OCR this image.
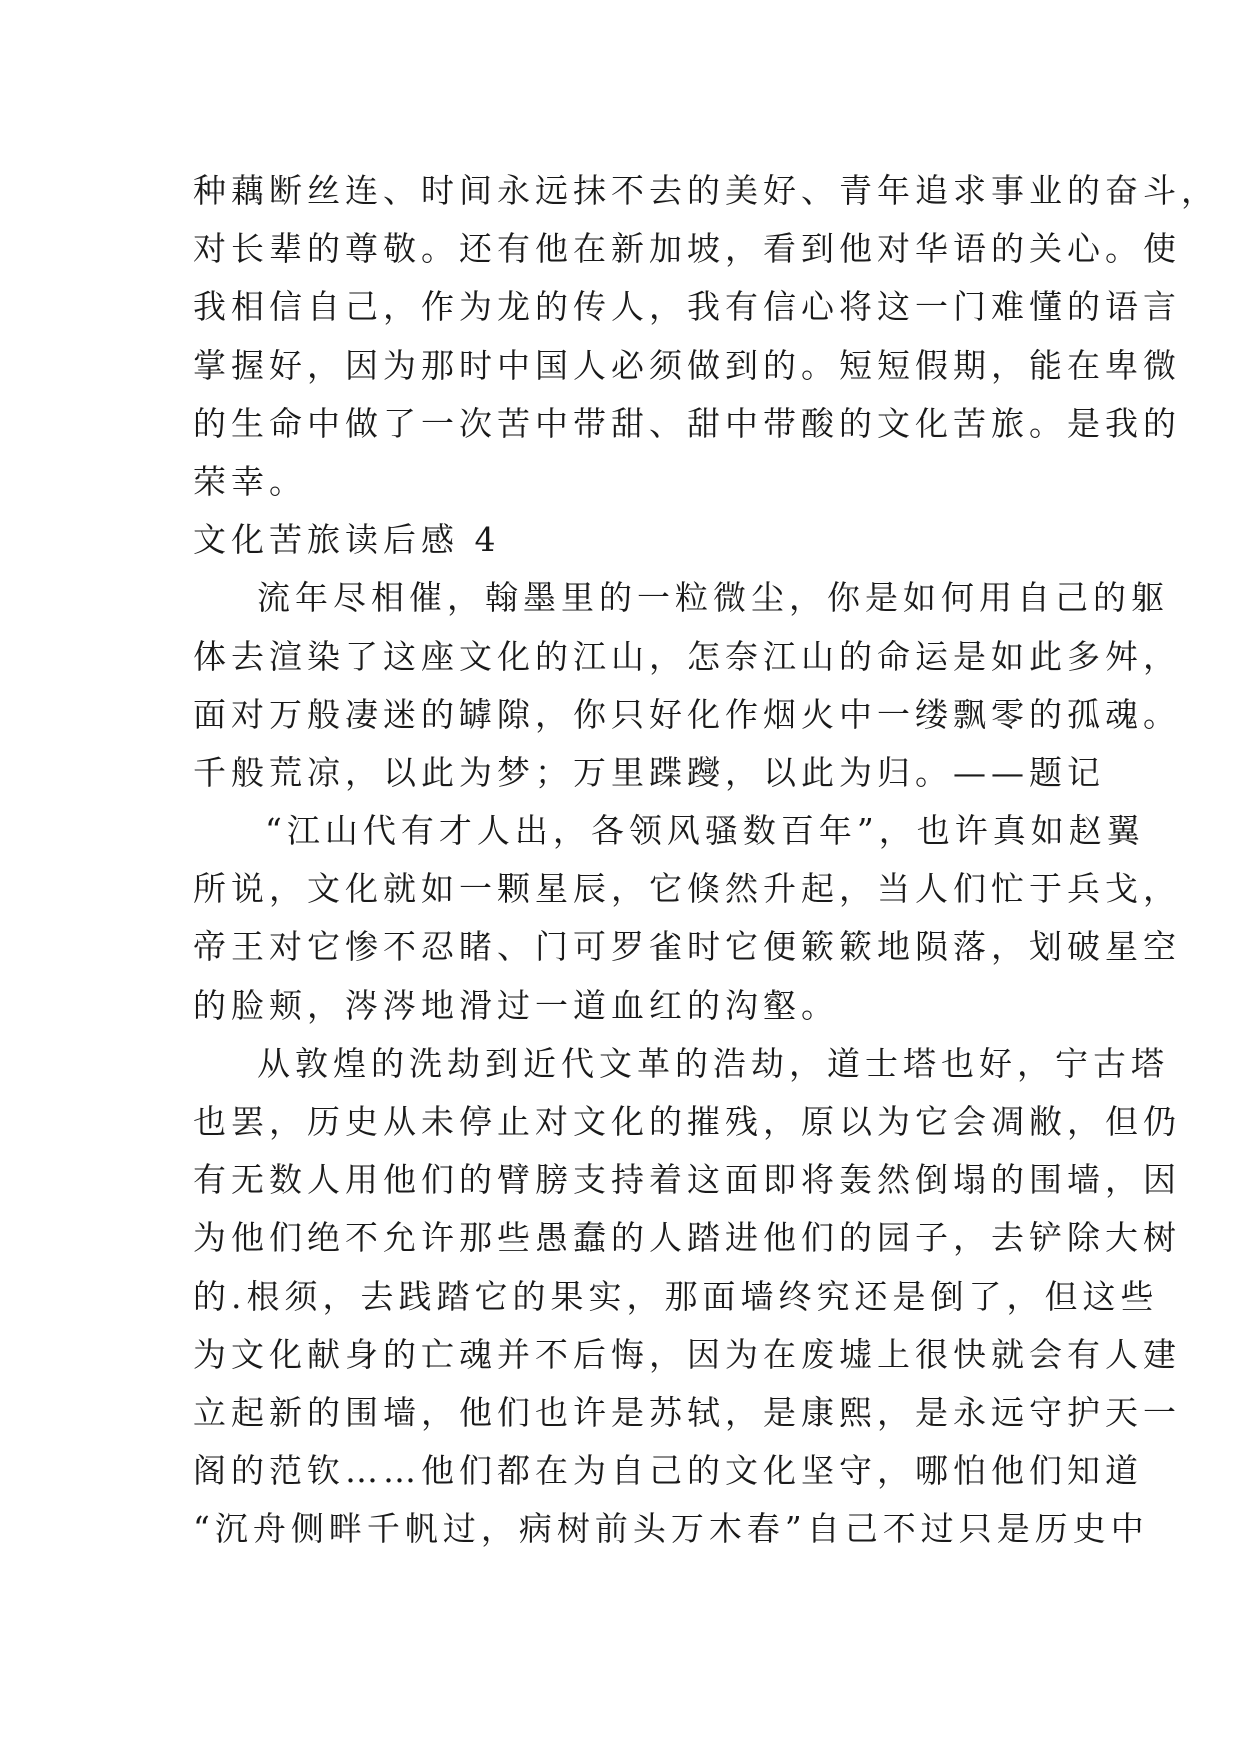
种藕断丝连、时间永远抹不去的美好、青年追求事业的奋斗，
对长辈的尊敬。还有他在新加坡，看到他对华语的关心。使
我相信自己，作为龙的传人，我有信心将这一门难懂的语言
掌握好，因为那时中国人必须做到的。短短假期，能在卑微
的生命中做了一次苦中带甜、甜中带酸的文化苦旅。是我的
荣幸。
文化苦旅读后感 4
流年尽相催，翰墨里的一粒微尘，你是如何用自己的躯
体去渲染了这座文化的江山，怎奈江山的命运是如此多舛，
面对万般凄迷的罅隙，你只好化作烟火中一缕飘零的孤魂。
千般荒凉，以此为梦；万里蹀躞，以此为归。——题记
“江山代有才人出，各领风骚数百年”，也许真如赵翼
所说，文化就如一颗星辰，它倏然升起，当人们忙于兵戈，
帝王对它惨不忍睹、门可罗雀时它便簌簌地陨落，划破星空
的脸颊，涔涔地滑过一道血红的沟壑。
从敦煌的洗劫到近代文革的浩劫，道士塔也好，宁古塔
也罢，历史从未停止对文化的摧残，原以为它会凋敝，但仍
有无数人用他们的臂膀支持着这面即将轰然倒塌的围墙，因
为他们绝不允许那些愚蠢的人踏进他们的园子，去铲除大树
的.根须，去践踏它的果实，那面墙终究还是倒了，但这些
为文化献身的亡魂并不后悔，因为在废墟上很快就会有人建
立起新的围墙，他们也许是苏轼，是康熙，是永远守护天一
阁的范钦……他们都在为自己的文化坚守，哪怕他们知道
“沉舟侧畔千帆过，病树前头万木春”自己不过只是历史中
